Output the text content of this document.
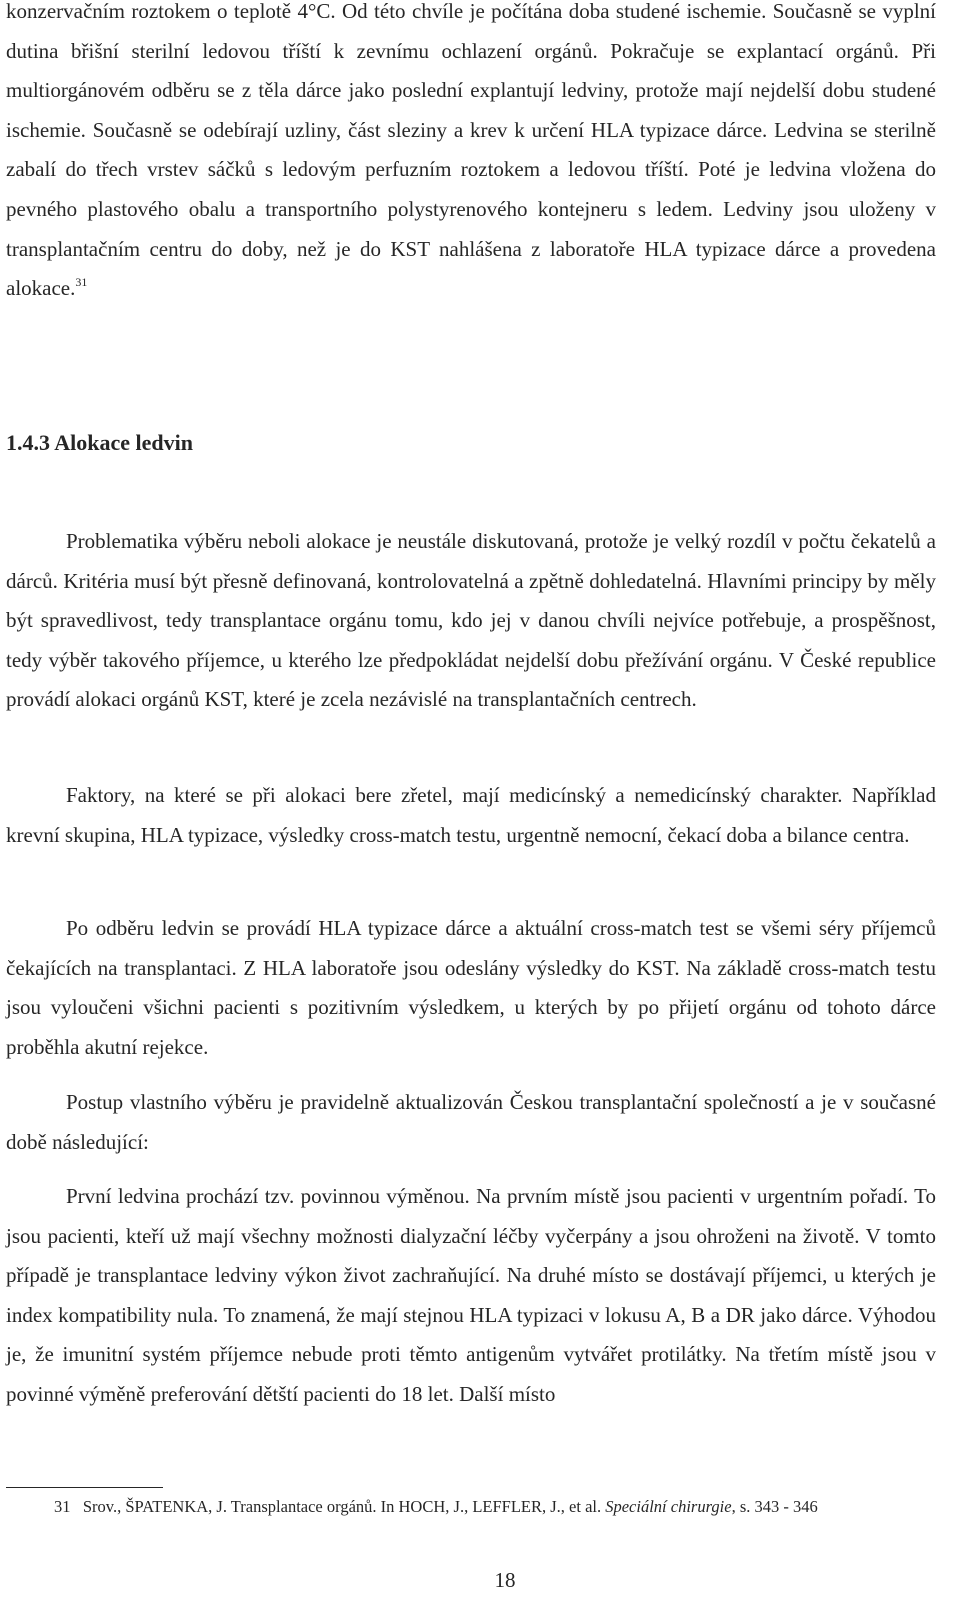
konzervačním roztokem o teplotě 4°C. Od této chvíle je počítána doba studené ischemie. Současně se vyplní dutina břišní sterilní ledovou tříští k zevnímu ochlazení orgánů. Pokračuje se explantací orgánů. Při multiorgánovém odběru se z těla dárce jako poslední explantují ledviny, protože mají nejdelší dobu studené ischemie. Současně se odebírají uzliny, část sleziny a krev k určení HLA typizace dárce. Ledvina se sterilně zabalí do třech vrstev sáčků s ledovým perfuzním roztokem a ledovou tříští. Poté je ledvina vložena do pevného plastového obalu a transportního polystyrenového kontejneru s ledem. Ledviny jsou uloženy v transplantačním centru do doby, než je do KST nahlášena z laboratoře HLA typizace dárce a provedena alokace.$^{31}$

1.4.3 Alokace ledvin

Problematika výběru neboli alokace je neustále diskutovaná, protože je velký rozdíl v počtu čekatelů a dárců. Kritéria musí být přesně definovaná, kontrolovatelná a zpětně dohledatelná. Hlavními principy by měly být spravedlivost, tedy transplantace orgánu tomu, kdo jej v danou chvíli nejvíce potřebuje, a prospěšnost, tedy výběr takového příjemce, u kterého lze předpokládat nejdelší dobu přežívání orgánu. V České republice provádí alokaci orgánů KST, které je zcela nezávislé na transplantačních centrech.

Faktory, na které se při alokaci bere zřetel, mají medicínský a nemedicínský charakter. Například krevní skupina, HLA typizace, výsledky cross-match testu, urgentně nemocní, čekací doba a bilance centra.

Po odběru ledvin se provádí HLA typizace dárce a aktuální cross-match test se všemi séry příjemců čekajících na transplantaci. Z HLA laboratoře jsou odeslány výsledky do KST. Na základě cross-match testu jsou vyloučeni všichni pacienti s pozitivním výsledkem, u kterých by po přijetí orgánu od tohoto dárce proběhla akutní rejekce.

Postup vlastního výběru je pravidelně aktualizován Českou transplantační společností a je v současné době následující:

První ledvina prochází tzv. povinnou výměnou. Na prvním místě jsou pacienti v urgentním pořadí. To jsou pacienti, kteří už mají všechny možnosti dialyzační léčby vyčerpány a jsou ohroženi na životě. V tomto případě je transplantace ledviny výkon život zachraňující. Na druhé místo se dostávají příjemci, u kterých je index kompatibility nula. To znamená, že mají stejnou HLA typizaci v lokusu A, B a DR jako dárce. Výhodou je, že imunitní systém příjemce nebude proti těmto antigenům vytvářet protilátky. Na třetím místě jsou v povinné výměně preferování dětští pacienti do 18 let. Další místo

31 Srov., ŠPATENKA, J. Transplantace orgánů. In HOCH, J., LEFFLER, J., et al. Speciální chirurgie, s. 343 - 346

18
